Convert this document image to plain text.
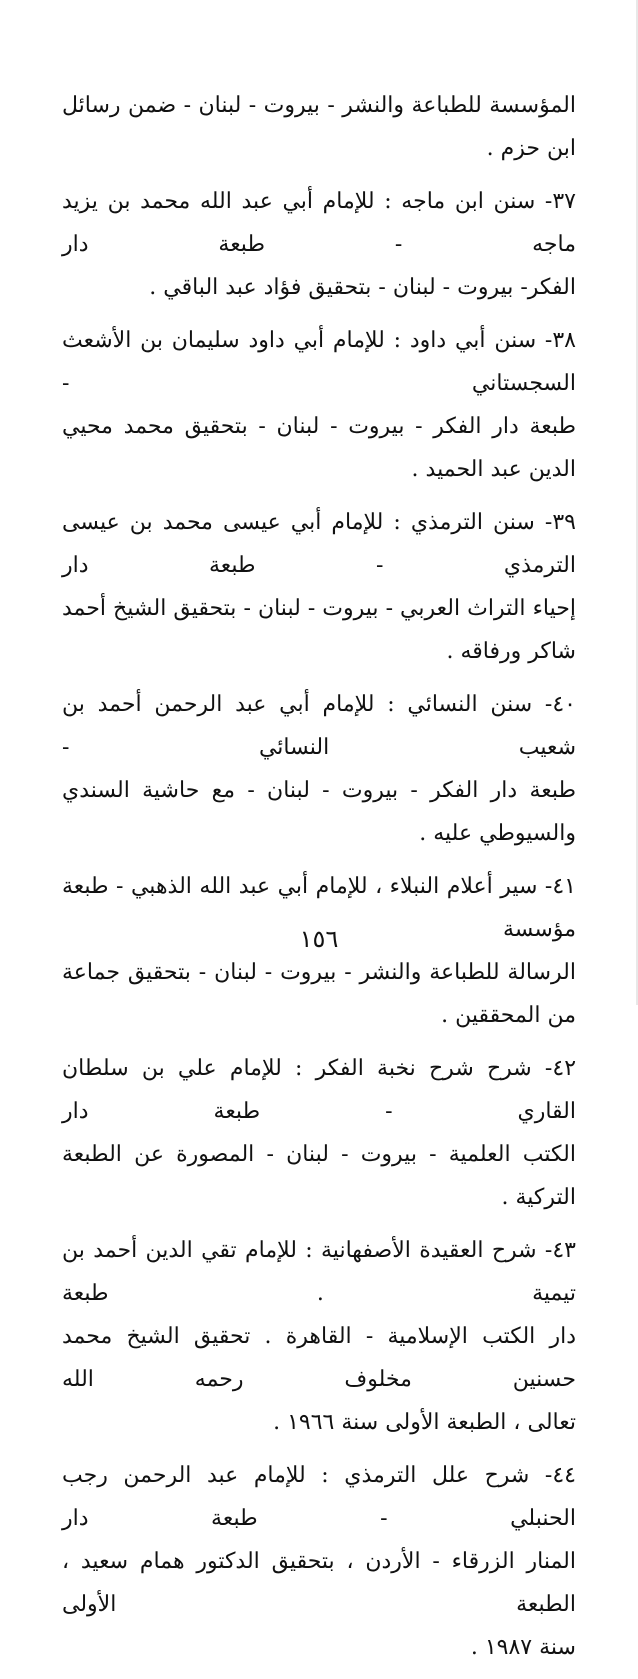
المؤسسة للطباعة والنشر - بيروت - لبنان - ضمن رسائل ابن حزم .

٣٧- سنن ابن ماجه : للإمام أبي عبد الله محمد بن يزيد ماجه - طبعة دار
الفكر- بيروت - لبنان - بتحقيق فؤاد عبد الباقي .

٣٨- سنن أبي داود : للإمام أبي داود سليمان بن الأشعث السجستاني -
طبعة دار الفكر - بيروت - لبنان - بتحقيق محمد محيي الدين عبد الحميد .

٣٩- سنن الترمذي : للإمام أبي عيسى محمد بن عيسى الترمذي - طبعة دار
إحياء التراث العربي - بيروت - لبنان - بتحقيق الشيخ أحمد شاكر ورفاقه .

٤٠- سنن النسائي : للإمام أبي عبد الرحمن أحمد بن شعيب النسائي -
طبعة دار الفكر - بيروت - لبنان - مع حاشية السندي والسيوطي عليه .

٤١- سير أعلام النبلاء ، للإمام أبي عبد الله الذهبي - طبعة مؤسسة
الرسالة للطباعة والنشر - بيروت - لبنان - بتحقيق جماعة من المحققين .

٤٢- شرح شرح نخبة الفكر : للإمام علي بن سلطان القاري - طبعة دار
الكتب العلمية - بيروت - لبنان - المصورة عن الطبعة التركية .

٤٣- شرح العقيدة الأصفهانية : للإمام تقي الدين أحمد بن تيمية . طبعة
دار الكتب الإسلامية - القاهرة . تحقيق الشيخ محمد حسنين مخلوف رحمه الله
تعالى ، الطبعة الأولى سنة ١٩٦٦ .

٤٤- شرح علل الترمذي : للإمام عبد الرحمن رجب الحنبلي - طبعة دار
المنار الزرقاء - الأردن ، بتحقيق الدكتور همام سعيد ، الطبعة الأولى
سنة ١٩٨٧ .

١٥٦
